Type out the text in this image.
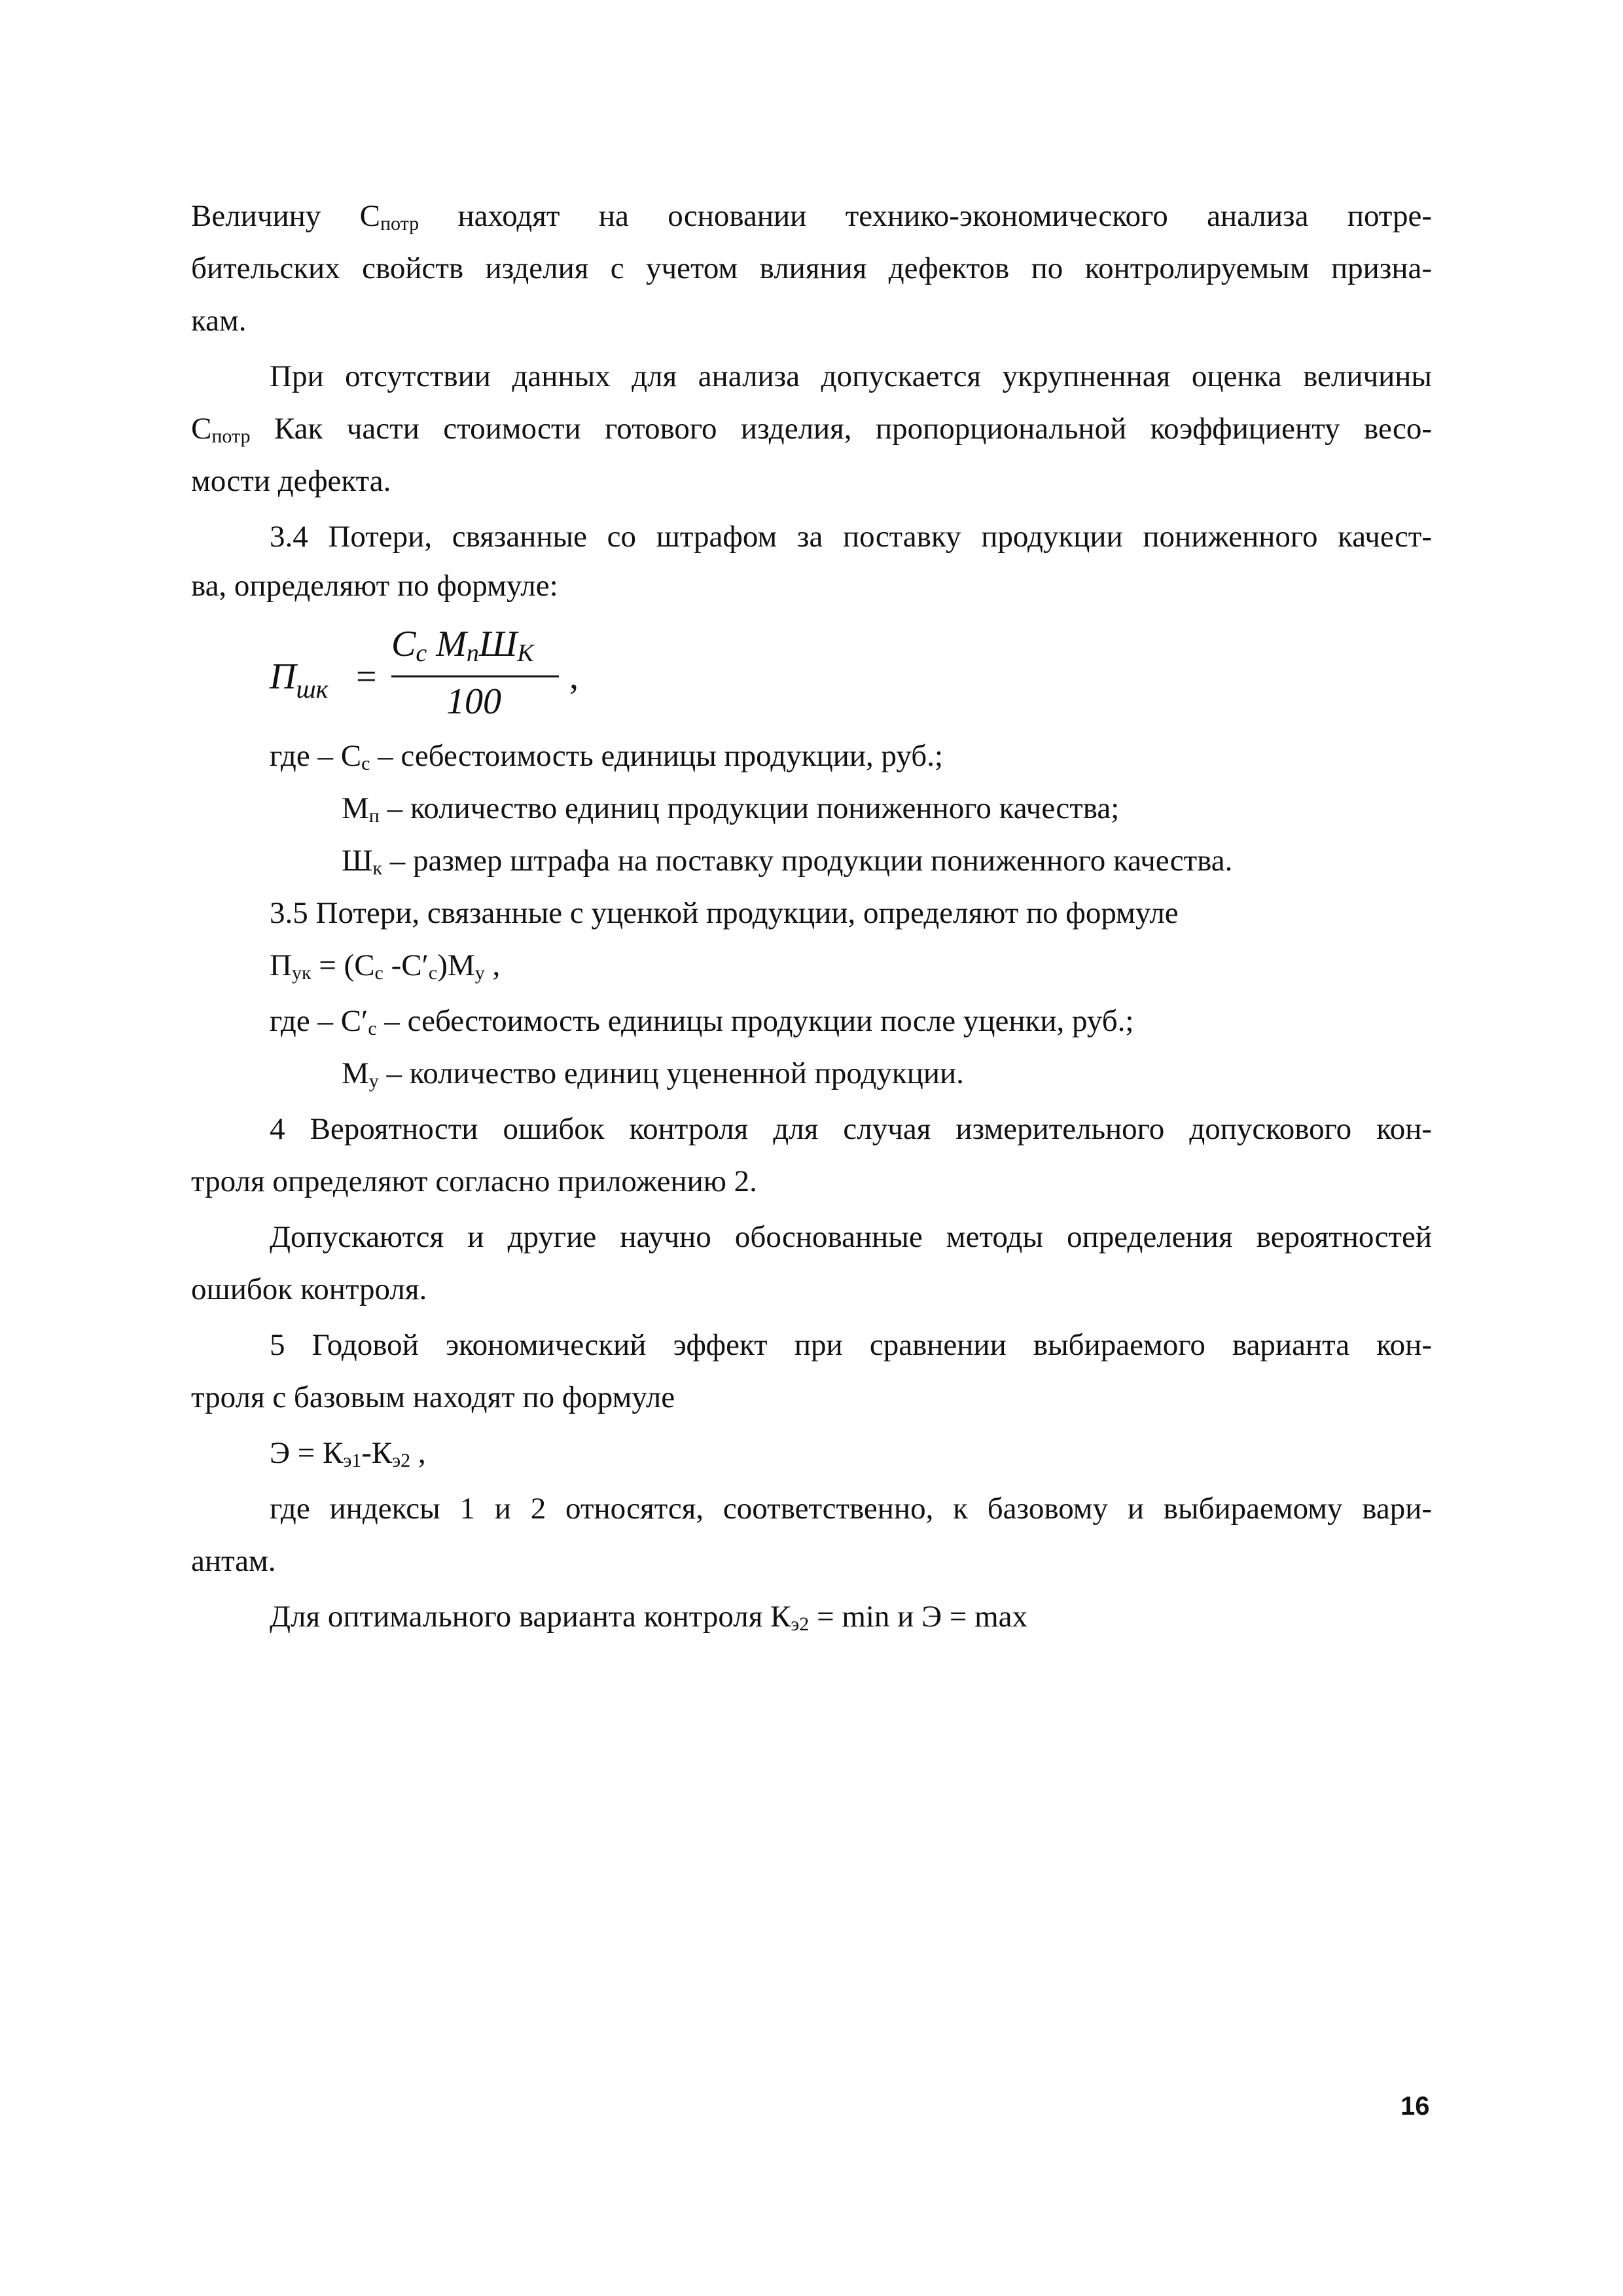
Величину $С_{потр}$ находят на основании технико-экономического анализа потре-
бительских свойств изделия с учетом влияния дефектов по контролируемым призна-
кам.
При отсутствии данных для анализа допускается укрупненная оценка величины
$С_{потр}$ Как части стоимости готового изделия, пропорциональной коэффициенту весо-
мости дефекта.
3.4 Потери, связанные со штрафом за поставку продукции пониженного качест-
ва, определяют по формуле:
$П_{шк}$ =
$C_c$ $M_пШ_K$
100
,
где – $С_с$ – себестоимость единицы продукции, руб.;
$М_п$ – количество единиц продукции пониженного качества;
$Ш_к$ – размер штрафа на поставку продукции пониженного качества.
3.5 Потери, связанные с уценкой продукции, определяют по формуле
$П_{ук} = (С_с$ $-С'_с)М_у$ ,
где – $С'_с$ – себестоимость единицы продукции после уценки, руб.;
$М_у$ – количество единиц уцененной продукции.
4 Вероятности ошибок контроля для случая измерительного допускового кон-
троля определяют согласно приложению 2.
Допускаются и другие научно обоснованные методы определения вероятностей
ошибок контроля.
5 Годовой экономический эффект при сравнении выбираемого варианта кон-
троля с базовым находят по формуле
$Э = К_{э1}-К_{э2}$ ,
где индексы 1 и 2 относятся, соответственно, к базовому и выбираемому вари-
антам.
Для оптимального варианта контроля $К_{э2} = \min и$ Э = max
16
